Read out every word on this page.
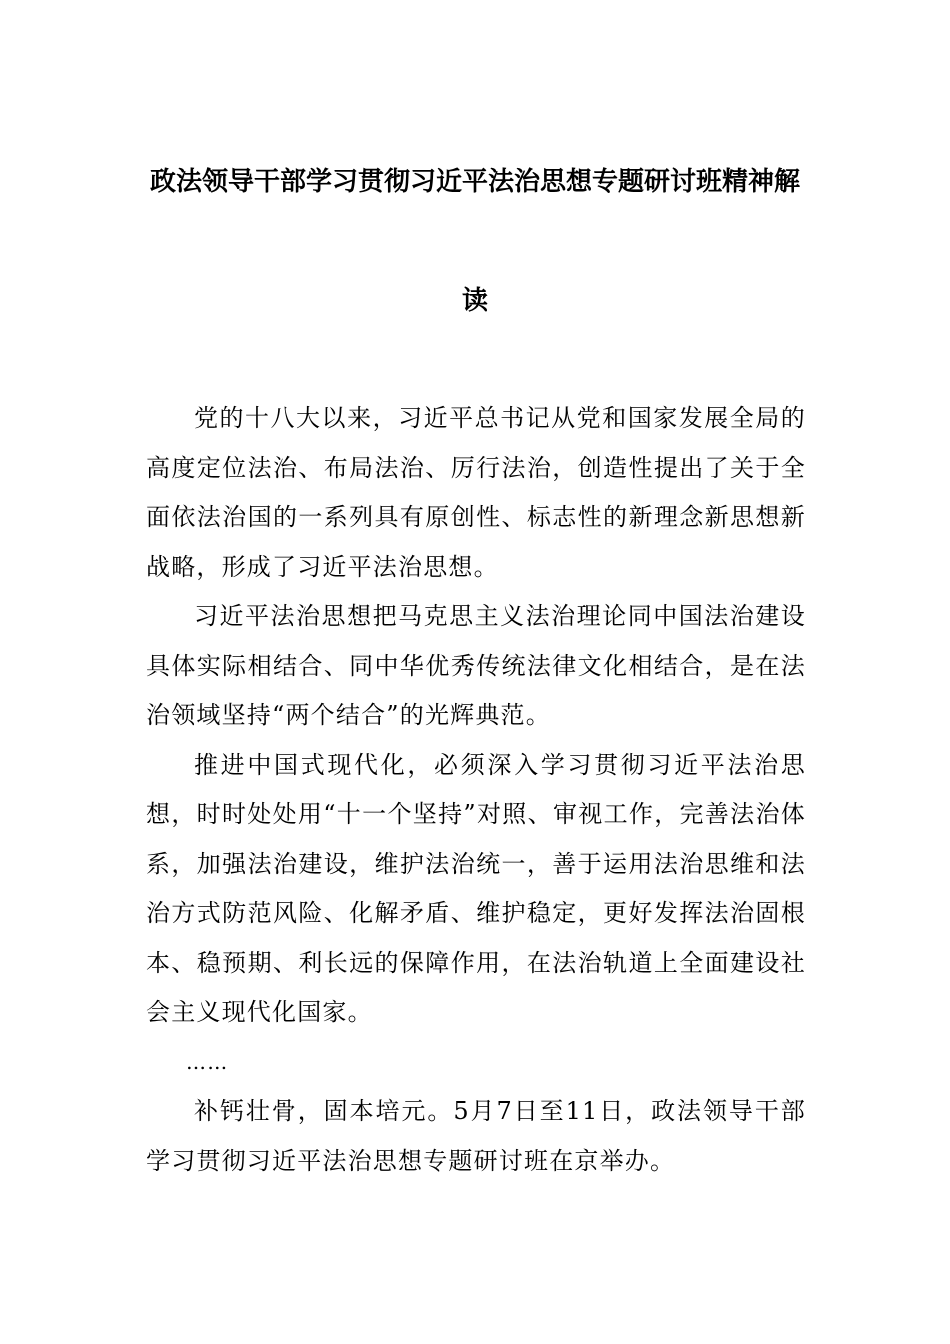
政法领导干部学习贯彻习近平法治思想专题研讨班精神解
读

党的十八大以来，习近平总书记从党和国家发展全局的高度定位法治、布局法治、厉行法治，创造性提出了关于全面依法治国的一系列具有原创性、标志性的新理念新思想新战略，形成了习近平法治思想。

习近平法治思想把马克思主义法治理论同中国法治建设具体实际相结合、同中华优秀传统法律文化相结合，是在法治领域坚持“两个结合”的光辉典范。

推进中国式现代化，必须深入学习贯彻习近平法治思想，时时处处用“十一个坚持”对照、审视工作，完善法治体系，加强法治建设，维护法治统一，善于运用法治思维和法治方式防范风险、化解矛盾、维护稳定，更好发挥法治固根本、稳预期、利长远的保障作用，在法治轨道上全面建设社会主义现代化国家。

……

补钙壮骨，固本培元。5月7日至11日，政法领导干部学习贯彻习近平法治思想专题研讨班在京举办。
